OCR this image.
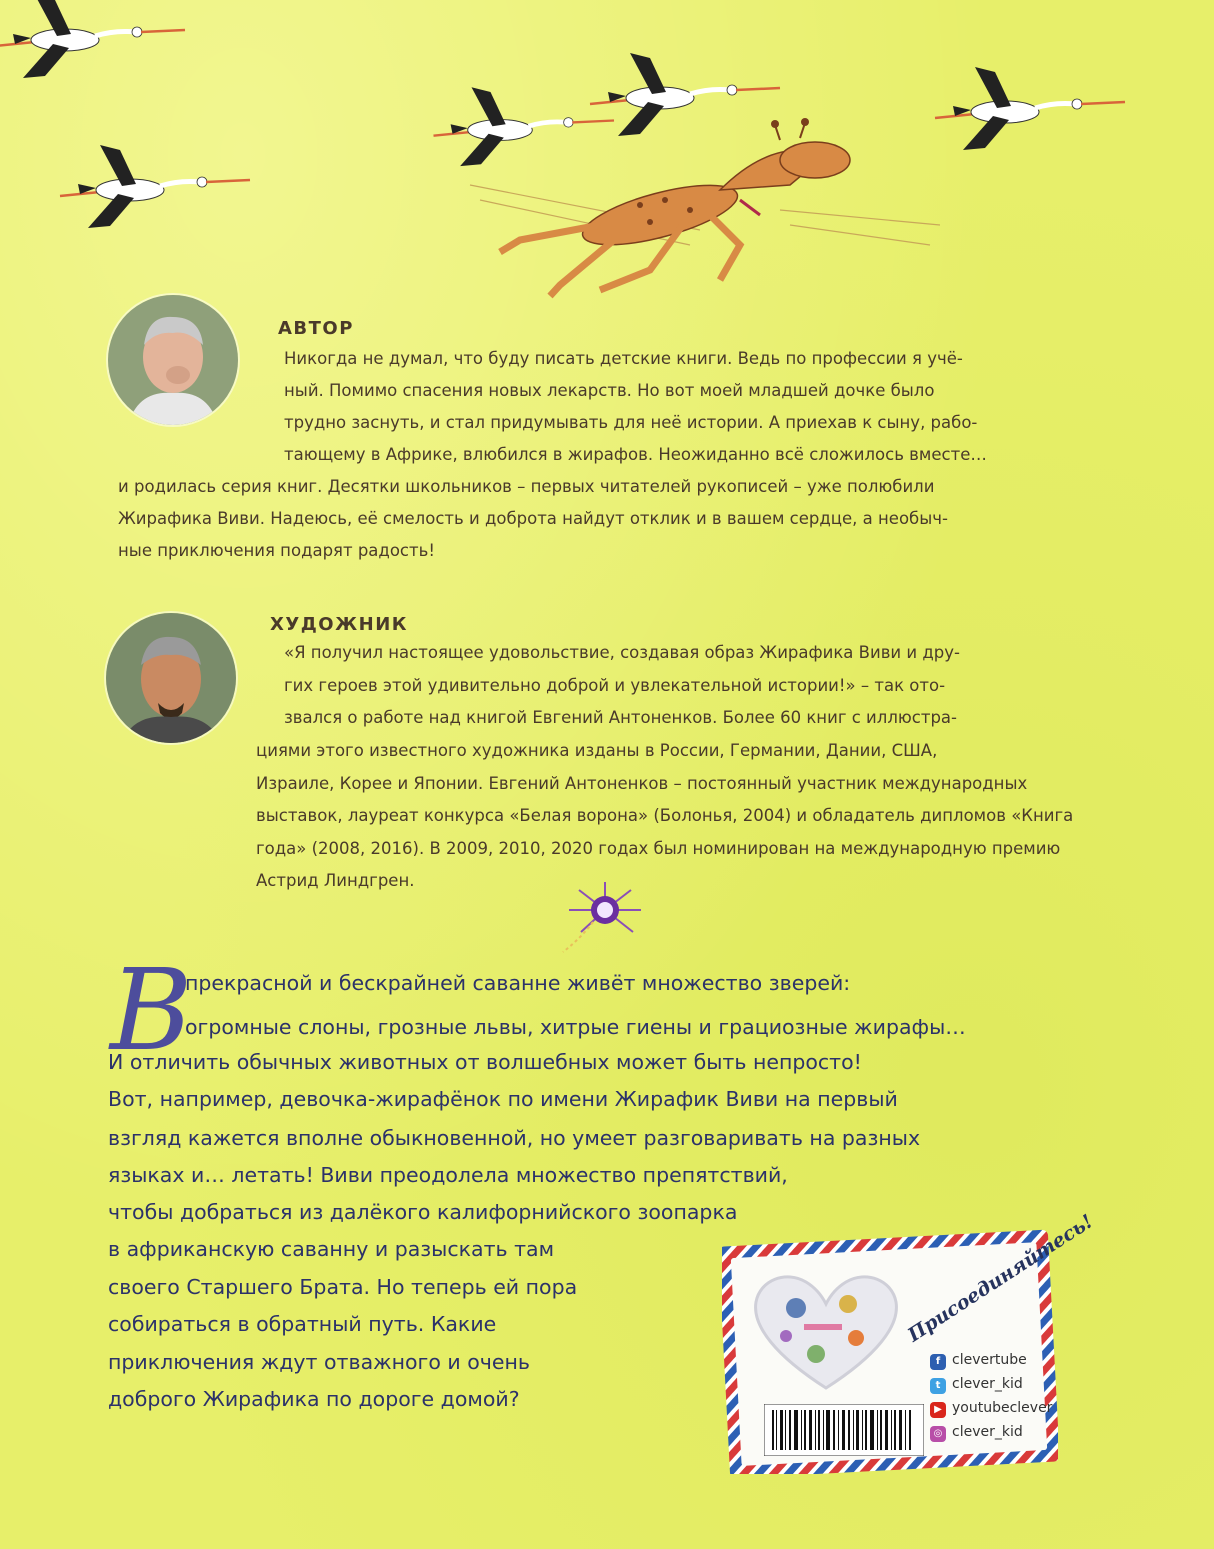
АВТОР

Никогда не думал, что буду писать детские книги. Ведь по профессии я учё-
ный. Помимо спасения новых лекарств. Но вот моей младшей дочке было
трудно заснуть, и стал придумывать для неё истории. А приехав к сыну, рабо-
тающему в Африке, влюбился в жирафов. Неожиданно всё сложилось вместе…

и родилась серия книг. Десятки школьников – первых читателей рукописей – уже полюбили
Жирафика Виви. Надеюсь, её смелость и доброта найдут отклик и в вашем сердце, а необыч-
ные приключения подарят радость!

ХУДОЖНИК

«Я получил настоящее удовольствие, создавая образ Жирафика Виви и дру-
гих героев этой удивительно доброй и увлекательной истории!» – так ото-
звался о работе над книгой Евгений Антоненков. Более 60 книг с иллюстра-

циями этого известного художника изданы в России, Германии, Дании, США,
Израиле, Корее и Японии. Евгений Антоненков – постоянный участник международных
выставок, лауреат конкурса «Белая ворона» (Болонья, 2004) и обладатель дипломов «Книга
года» (2008, 2016). В 2009, 2010, 2020 годах был номинирован на международную премию
Астрид Линдгрен.

В
прекрасной и бескрайней саванне живёт множество зверей:
огромные слоны, грозные львы, хитрые гиены и грациозные жирафы…
И отличить обычных животных от волшебных может быть непросто!
Вот, например, девочка-жирафёнок по имени Жирафик Виви на первый
взгляд кажется вполне обыкновенной, но умеет разговаривать на разных
языках и… летать! Виви преодолела множество препятствий,
чтобы добраться из далёкого калифорнийского зоопарка
в африканскую саванну и разыскать там
своего Старшего Брата. Но теперь ей пора
собираться в обратный путь. Какие
приключения ждут отважного и очень
доброго Жирафика по дороге домой?
Присоединяйтесь!
f clevertube
t clever_kid
▶ youtubeclever
◎ clever_kid
